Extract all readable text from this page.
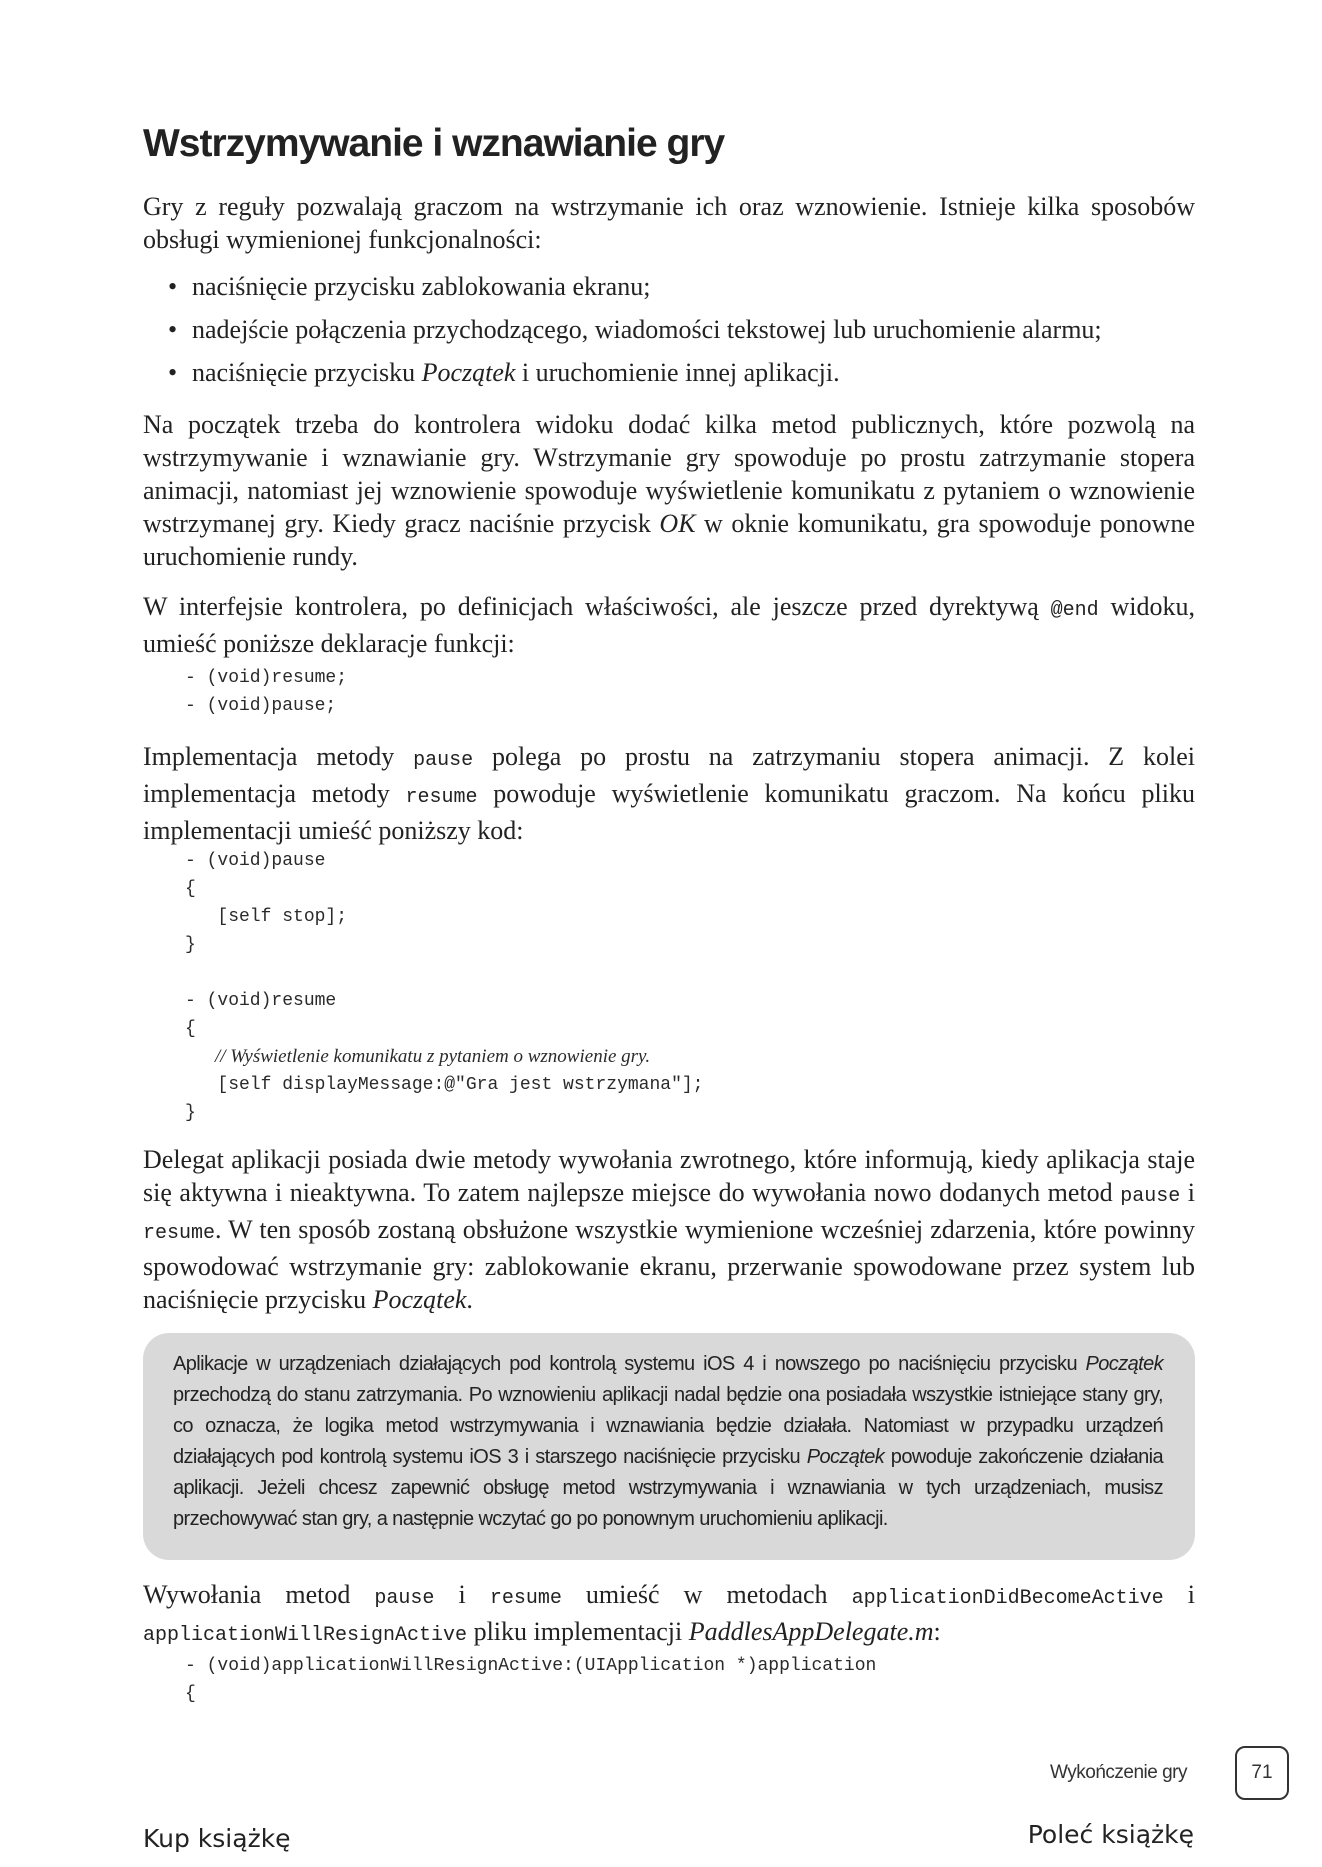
Wstrzymywanie i wznawianie gry

Gry z reguły pozwalają graczom na wstrzymanie ich oraz wznowienie. Istnieje kilka sposobów obsługi wymienionej funkcjonalności:

• naciśnięcie przycisku zablokowania ekranu;
• nadejście połączenia przychodzącego, wiadomości tekstowej lub uruchomienie alarmu;
• naciśnięcie przycisku Początek i uruchomienie innej aplikacji.

Na początek trzeba do kontrolera widoku dodać kilka metod publicznych, które pozwolą na wstrzymywanie i wznawianie gry. Wstrzymanie gry spowoduje po prostu zatrzymanie stopera animacji, natomiast jej wznowienie spowoduje wyświetlenie komunikatu z pytaniem o wznowienie wstrzymanej gry. Kiedy gracz naciśnie przycisk OK w oknie komunikatu, gra spowoduje ponowne uruchomienie rundy.

W interfejsie kontrolera, po definicjach właściwości, ale jeszcze przed dyrektywą @end widoku, umieść poniższe deklaracje funkcji:

- (void)resume;
- (void)pause;

Implementacja metody pause polega po prostu na zatrzymaniu stopera animacji. Z kolei implementacja metody resume powoduje wyświetlenie komunikatu graczom. Na końcu pliku implementacji umieść poniższy kod:

- (void)pause
{
[self stop];
}

- (void)resume
{
// Wyświetlenie komunikatu z pytaniem o wznowienie gry.
[self displayMessage:@"Gra jest wstrzymana"];
}

Delegat aplikacji posiada dwie metody wywołania zwrotnego, które informują, kiedy aplikacja staje się aktywna i nieaktywna. To zatem najlepsze miejsce do wywołania nowo dodanych metod pause i resume. W ten sposób zostaną obsłużone wszystkie wymienione wcześniej zdarzenia, które powinny spowodować wstrzymanie gry: zablokowanie ekranu, przerwanie spowodowane przez system lub naciśnięcie przycisku Początek.

Aplikacje w urządzeniach działających pod kontrolą systemu iOS 4 i nowszego po naciśnięciu przycisku Początek przechodzą do stanu zatrzymania. Po wznowieniu aplikacji nadal będzie ona posiadała wszystkie istniejące stany gry, co oznacza, że logika metod wstrzymywania i wznawiania będzie działała. Natomiast w przypadku urządzeń działających pod kontrolą systemu iOS 3 i starszego naciśnięcie przycisku Początek powoduje zakończenie działania aplikacji. Jeżeli chcesz zapewnić obsługę metod wstrzymywania i wznawiania w tych urządzeniach, musisz przechowywać stan gry, a następnie wczytać go po ponownym uruchomieniu aplikacji.

Wywołania metod pause i resume umieść w metodach applicationDidBecomeActive i applicationWillResignActive pliku implementacji PaddlesAppDelegate.m:

- (void)applicationWillResignActive:(UIApplication *)application
{
Wykończenie gry	71
Kup książkę	Poleć książkę
